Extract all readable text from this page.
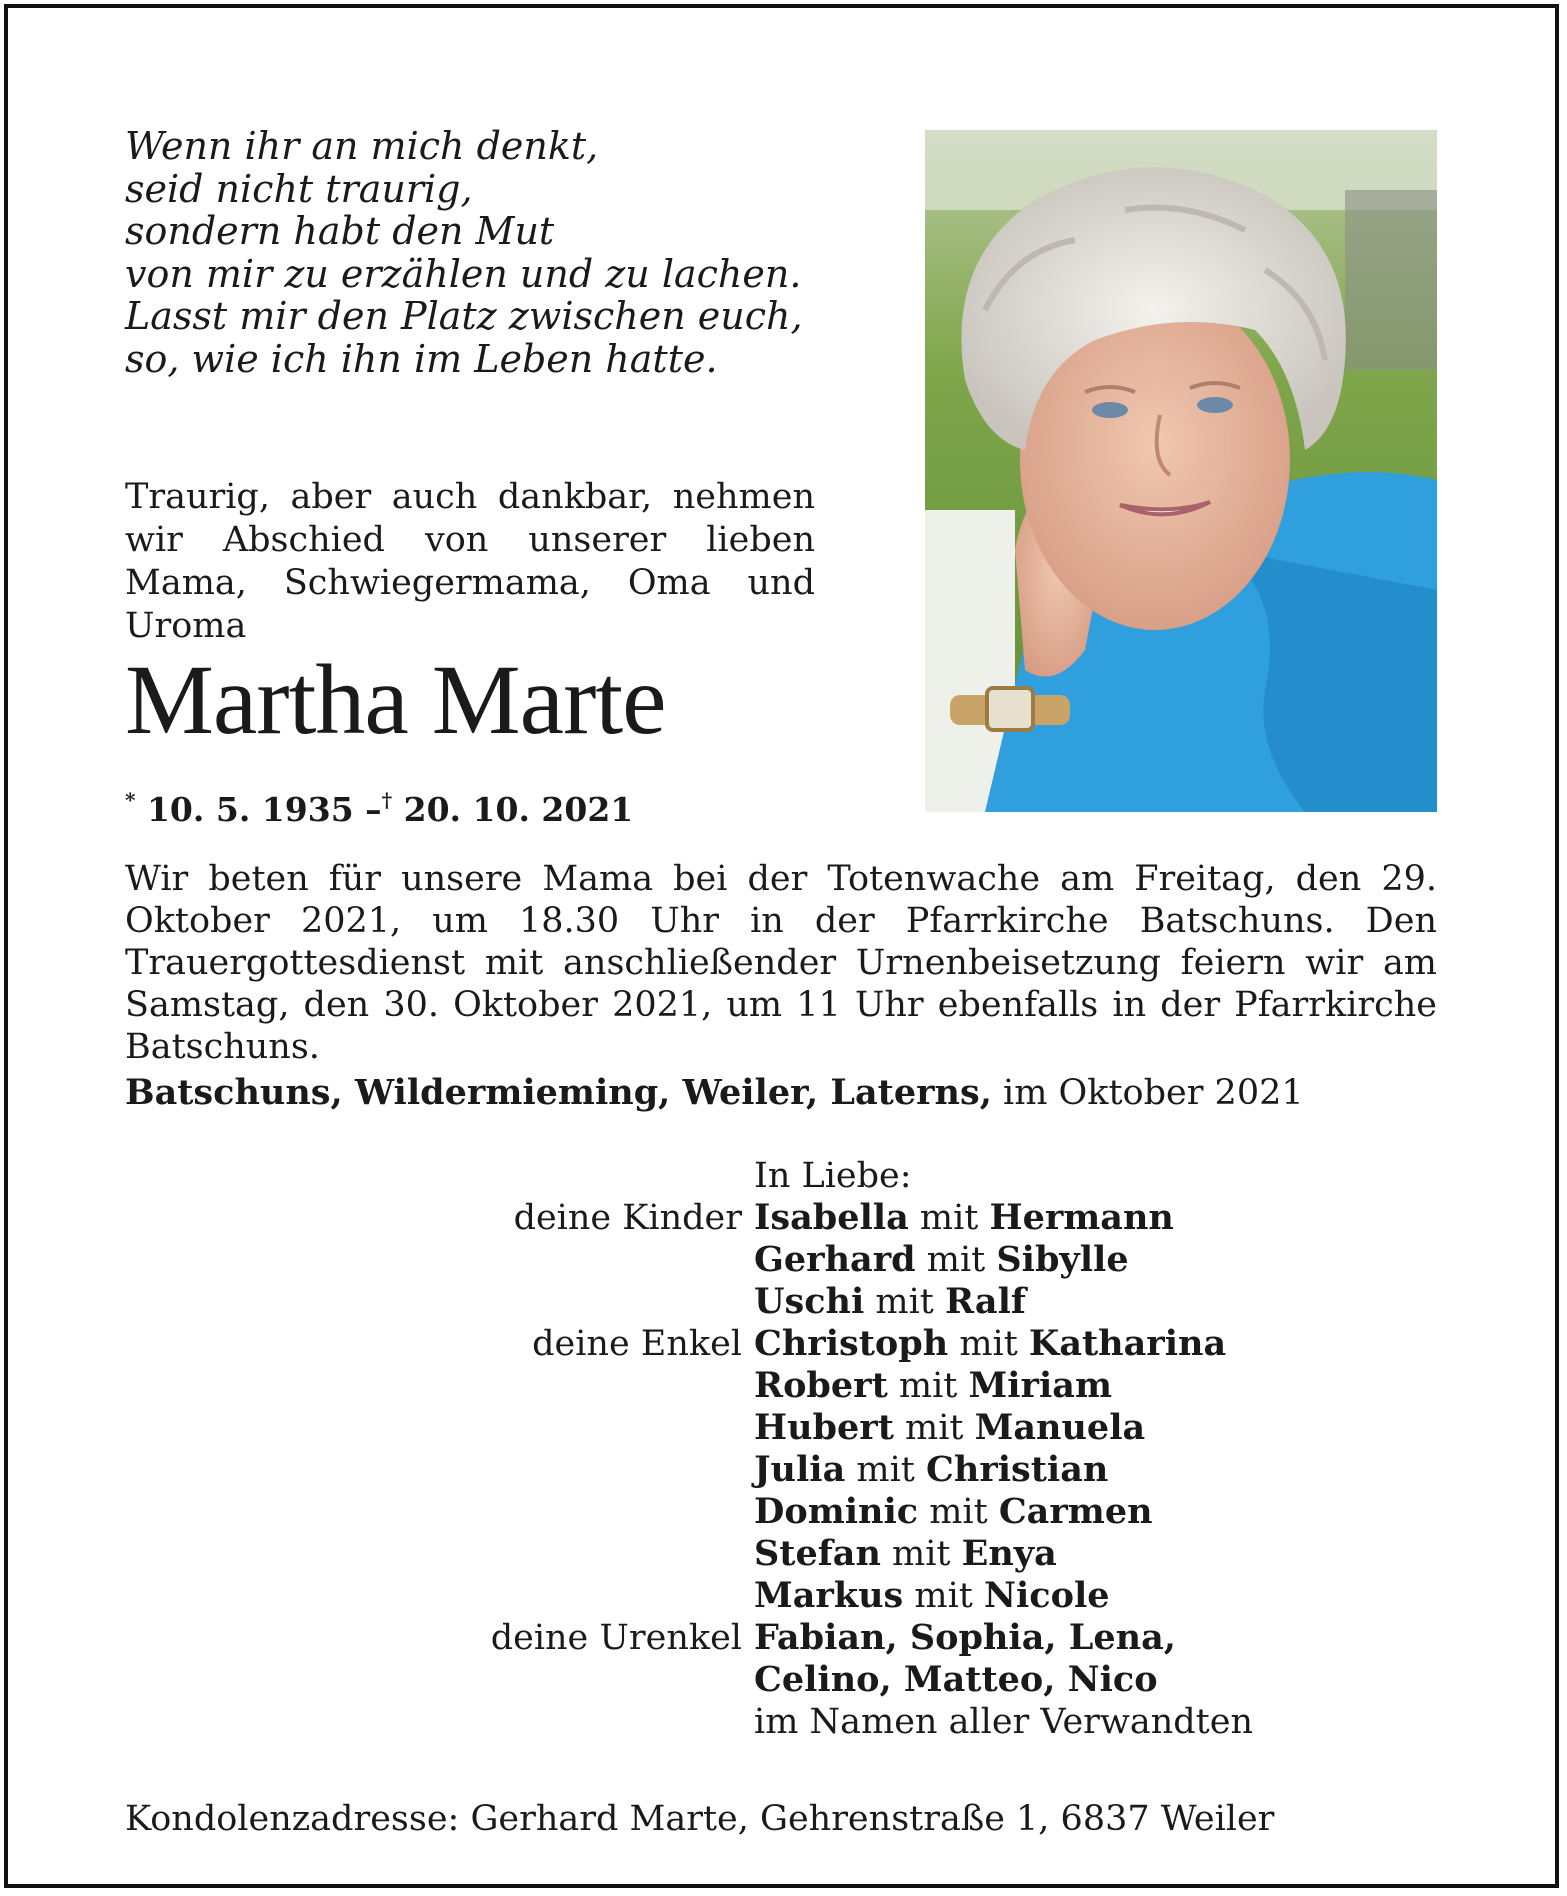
Wenn ihr an mich denkt,
seid nicht traurig,
sondern habt den Mut
von mir zu erzählen und zu lachen.
Lasst mir den Platz zwischen euch,
so, wie ich ihn im Leben hatte.
Traurig, aber auch dankbar, nehmen wir Abschied von unserer lieben Mama, Schwiegermama, Oma und Uroma
Martha Marte
* 10. 5. 1935 –† 20. 10. 2021
Wir beten für unsere Mama bei der Totenwache am Freitag, den 29. Oktober 2021, um 18.30 Uhr in der Pfarrkirche Batschuns. Den Trauergottesdienst mit anschließender Urnenbeisetzung feiern wir am Samstag, den 30. Oktober 2021, um 11 Uhr ebenfalls in der Pfarrkirche Batschuns.
Batschuns, Wildermieming, Weiler, Laterns, im Oktober 2021
In Liebe:
deine Kinder Isabella mit Hermann
Gerhard mit Sibylle
Uschi mit Ralf
deine Enkel Christoph mit Katharina
Robert mit Miriam
Hubert mit Manuela
Julia mit Christian
Dominic mit Carmen
Stefan mit Enya
Markus mit Nicole
deine Urenkel Fabian, Sophia, Lena,
Celino, Matteo, Nico
im Namen aller Verwandten
Kondolenzadresse: Gerhard Marte, Gehrenstraße 1, 6837 Weiler
